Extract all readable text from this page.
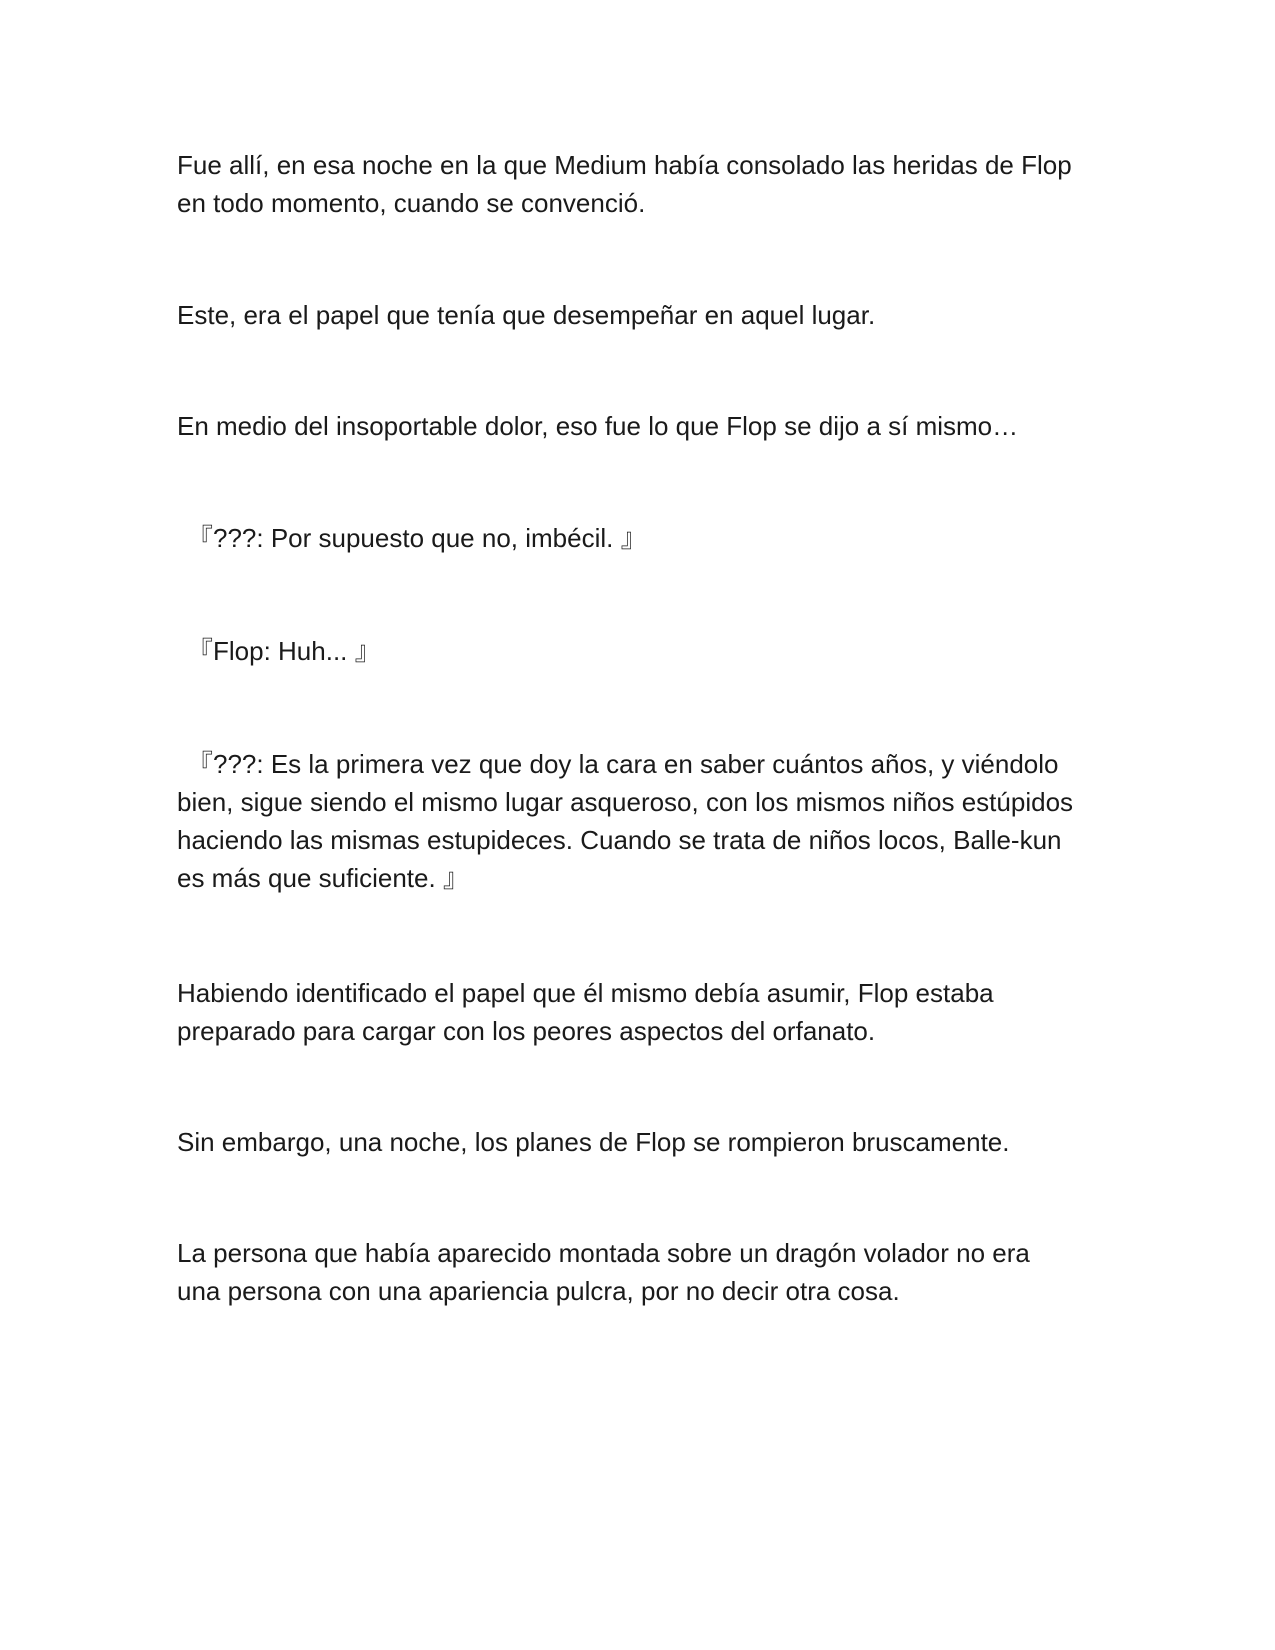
Fue allí, en esa noche en la que Medium había consolado las heridas de Flop
en todo momento, cuando se convenció.

Este, era el papel que tenía que desempeñar en aquel lugar.

En medio del insoportable dolor, eso fue lo que Flop se dijo a sí mismo…

『???: Por supuesto que no, imbécil. 』

『Flop: Huh... 』

『???: Es la primera vez que doy la cara en saber cuántos años, y viéndolo
bien, sigue siendo el mismo lugar asqueroso, con los mismos niños estúpidos
haciendo las mismas estupideces. Cuando se trata de niños locos, Balle-kun
es más que suficiente. 』

Habiendo identificado el papel que él mismo debía asumir, Flop estaba
preparado para cargar con los peores aspectos del orfanato.

Sin embargo, una noche, los planes de Flop se rompieron bruscamente.

La persona que había aparecido montada sobre un dragón volador no era
una persona con una apariencia pulcra, por no decir otra cosa.
